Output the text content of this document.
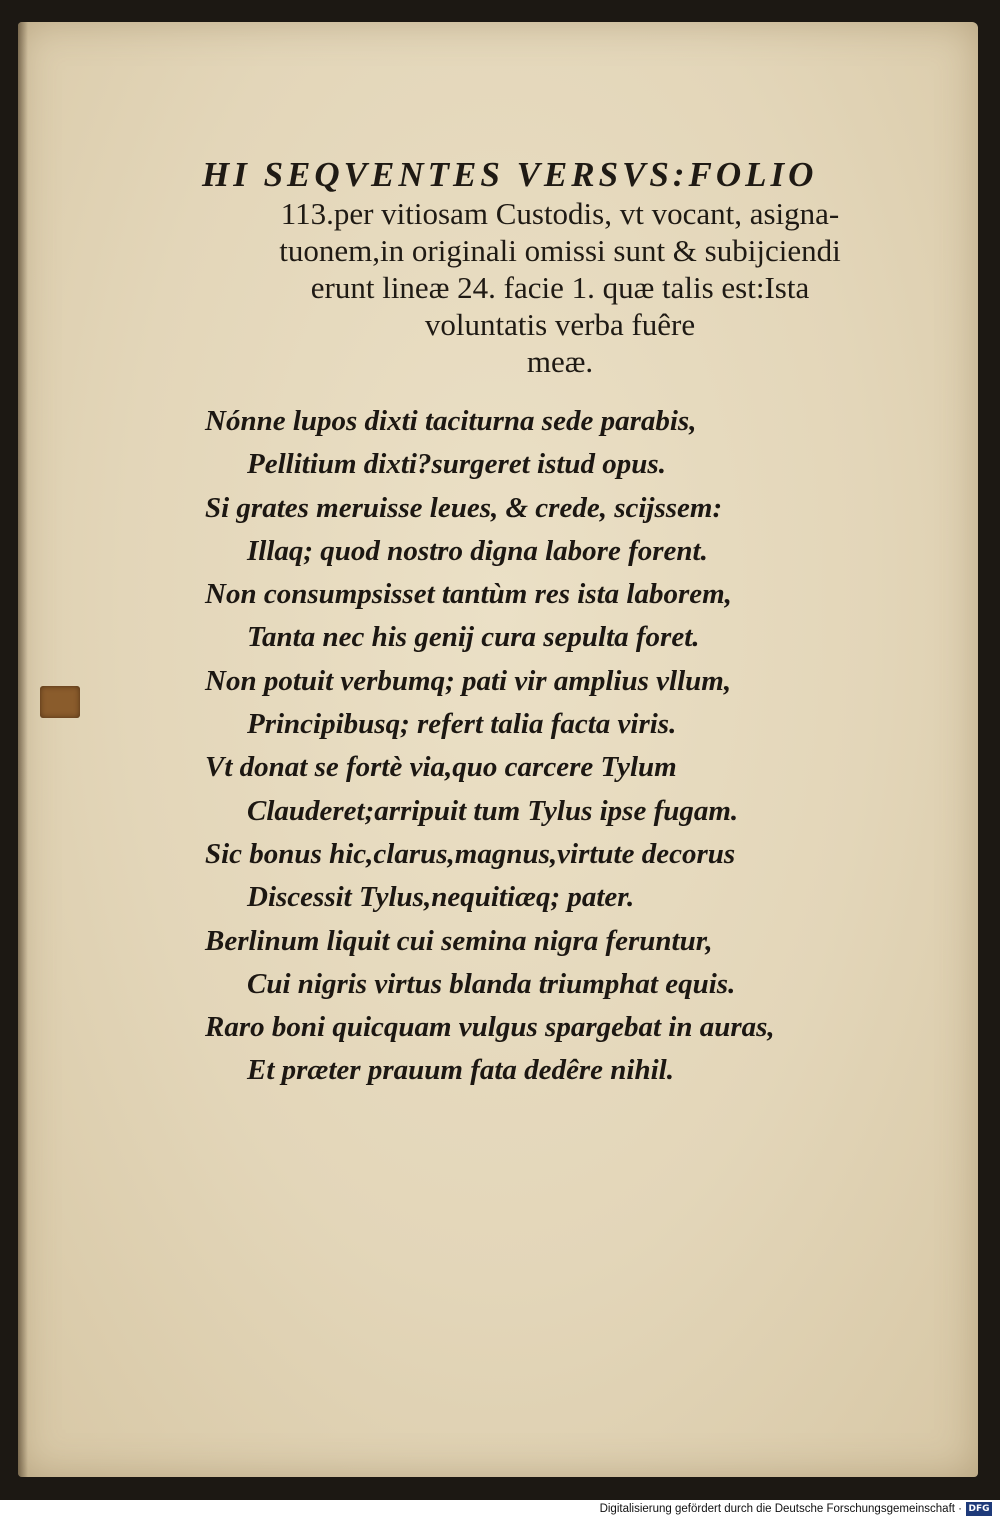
HI SEQVENTES VERSVS:FOLIO
113.per vitiosam Custodis, vt vocant, asigna-
tuonem,in originali omissi sunt & subijciendi
erunt lineæ 24. facie 1. quæ talis est:Ista
voluntatis verba fuêre
meæ.
Nónne lupos dixti taciturna sede parabis,
Pellitium dixti?surgeret istud opus.
Si grates meruisse leues, & crede, scijssem:
Illaq; quod nostro digna labore forent.
Non consumpsisset tantùm res ista laborem,
Tanta nec his genij cura sepulta foret.
Non potuit verbumq; pati vir amplius vllum,
Principibusq; refert talia facta viris.
Vt donat se fortè via,quo carcere Tylum
Clauderet;arripuit tum Tylus ipse fugam.
Sic bonus hic,clarus,magnus,virtute decorus
Discessit Tylus,nequitiæq; pater.
Berlinum liquit cui semina nigra feruntur,
Cui nigris virtus blanda triumphat equis.
Raro boni quicquam vulgus spargebat in auras,
Et præter prauum fata dedêre nihil.
Digitalisierung gefördert durch die Deutsche Forschungsgemeinschaft · DFG
